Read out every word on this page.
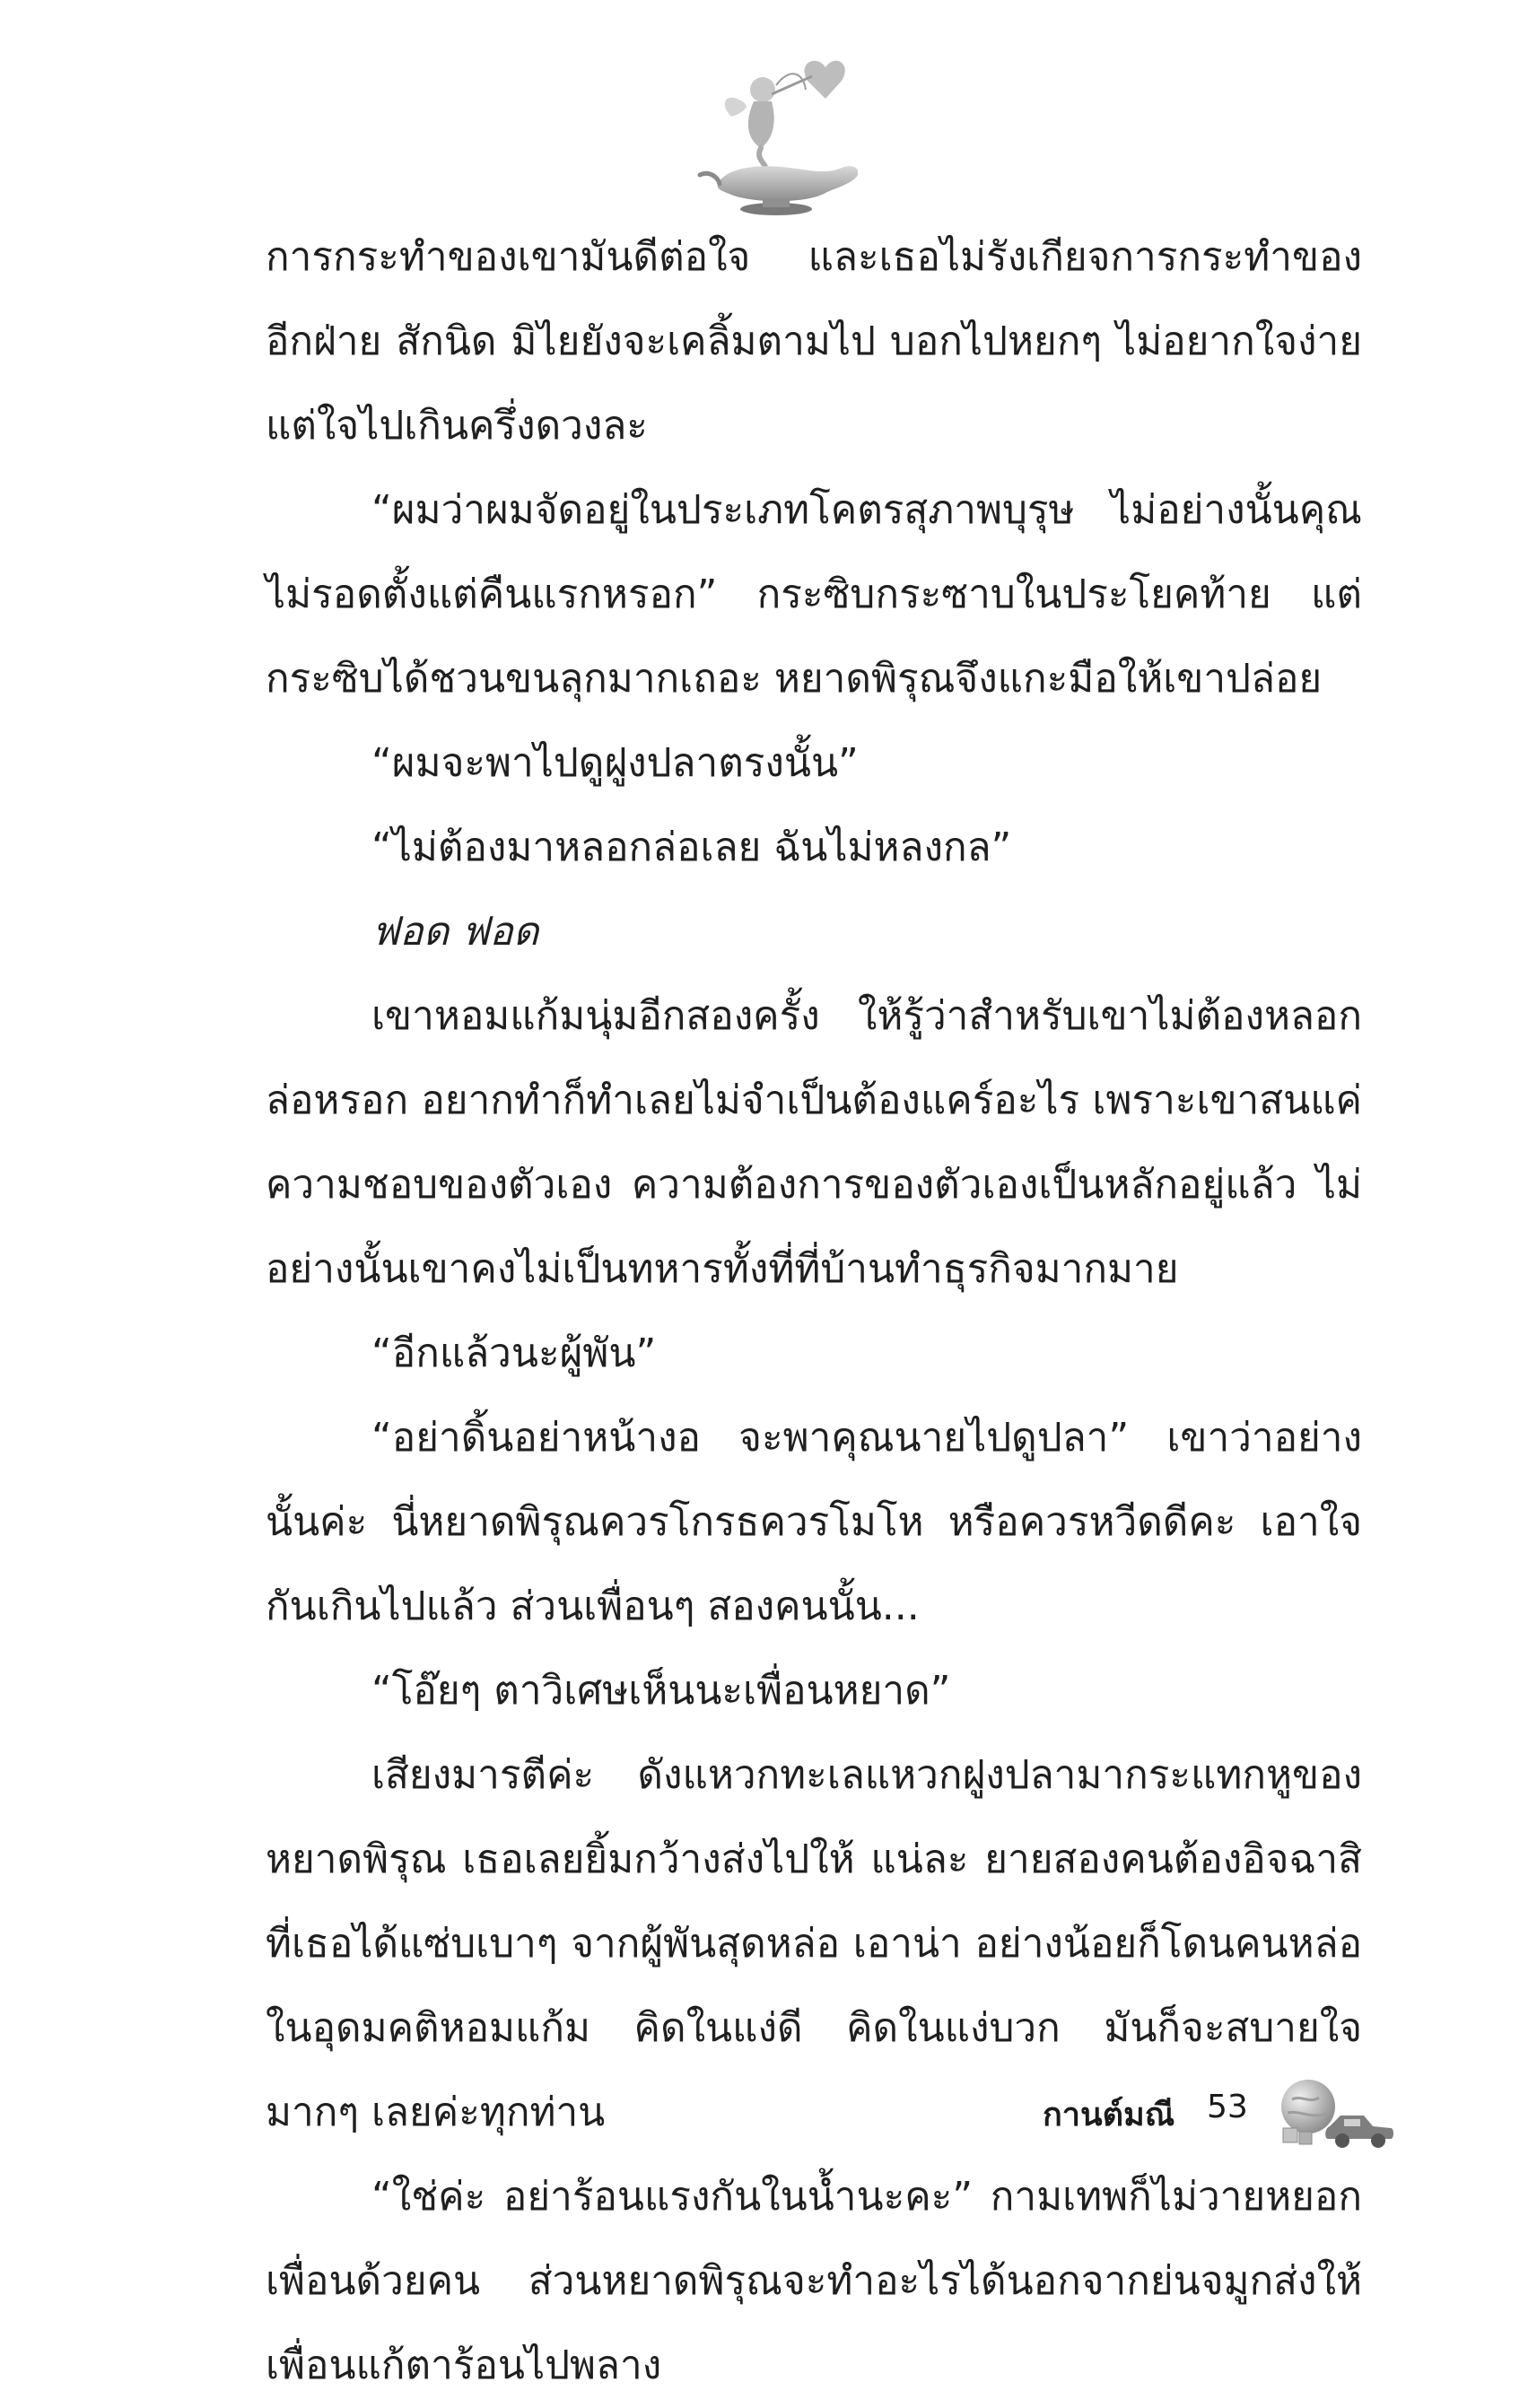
การกระทำของเขามันดีต่อใจ และเธอไม่รังเกียจการกระทำของอีกฝ่าย สักนิด มิไยยังจะเคลิ้มตามไป บอกไปหยกๆ ไม่อยากใจง่าย แต่ใจไปเกินครึ่งดวงละ

“ผมว่าผมจัดอยู่ในประเภทโคตรสุภาพบุรุษ ไม่อย่างนั้นคุณไม่รอดตั้งแต่คืนแรกหรอก” กระซิบกระซาบในประโยคท้าย แต่กระซิบได้ชวนขนลุกมากเถอะ หยาดพิรุณจึงแกะมือให้เขาปล่อย

“ผมจะพาไปดูฝูงปลาตรงนั้น”

“ไม่ต้องมาหลอกล่อเลย ฉันไม่หลงกล”

ฟอด ฟอด

เขาหอมแก้มนุ่มอีกสองครั้ง ให้รู้ว่าสำหรับเขาไม่ต้องหลอกล่อหรอก อยากทำก็ทำเลยไม่จำเป็นต้องแคร์อะไร เพราะเขาสนแค่ความชอบของตัวเอง ความต้องการของตัวเองเป็นหลักอยู่แล้ว ไม่อย่างนั้นเขาคงไม่เป็นทหารทั้งที่ที่บ้านทำธุรกิจมากมาย

“อีกแล้วนะผู้พัน”

“อย่าดิ้นอย่าหน้างอ จะพาคุณนายไปดูปลา” เขาว่าอย่างนั้นค่ะ นี่หยาดพิรุณควรโกรธควรโมโห หรือควรหวีดดีคะ เอาใจกันเกินไปแล้ว ส่วนเพื่อนๆ สองคนนั้น...

“โอ๊ยๆ ตาวิเศษเห็นนะเพื่อนหยาด”

เสียงมารตีค่ะ ดังแหวกทะเลแหวกฝูงปลามากระแทกหูของหยาดพิรุณ เธอเลยยิ้มกว้างส่งไปให้ แน่ละ ยายสองคนต้องอิจฉาสิ ที่เธอได้แซ่บเบาๆ จากผู้พันสุดหล่อ เอาน่า อย่างน้อยก็โดนคนหล่อในอุดมคติหอมแก้ม คิดในแง่ดี คิดในแง่บวก มันก็จะสบายใจมากๆ เลยค่ะทุกท่าน

“ใช่ค่ะ อย่าร้อนแรงกันในน้ำนะคะ” กามเทพก็ไม่วายหยอกเพื่อนด้วยคน ส่วนหยาดพิรุณจะทำอะไรได้นอกจากย่นจมูกส่งให้เพื่อนแก้ตาร้อนไปพลาง

กานต์มณี 53
